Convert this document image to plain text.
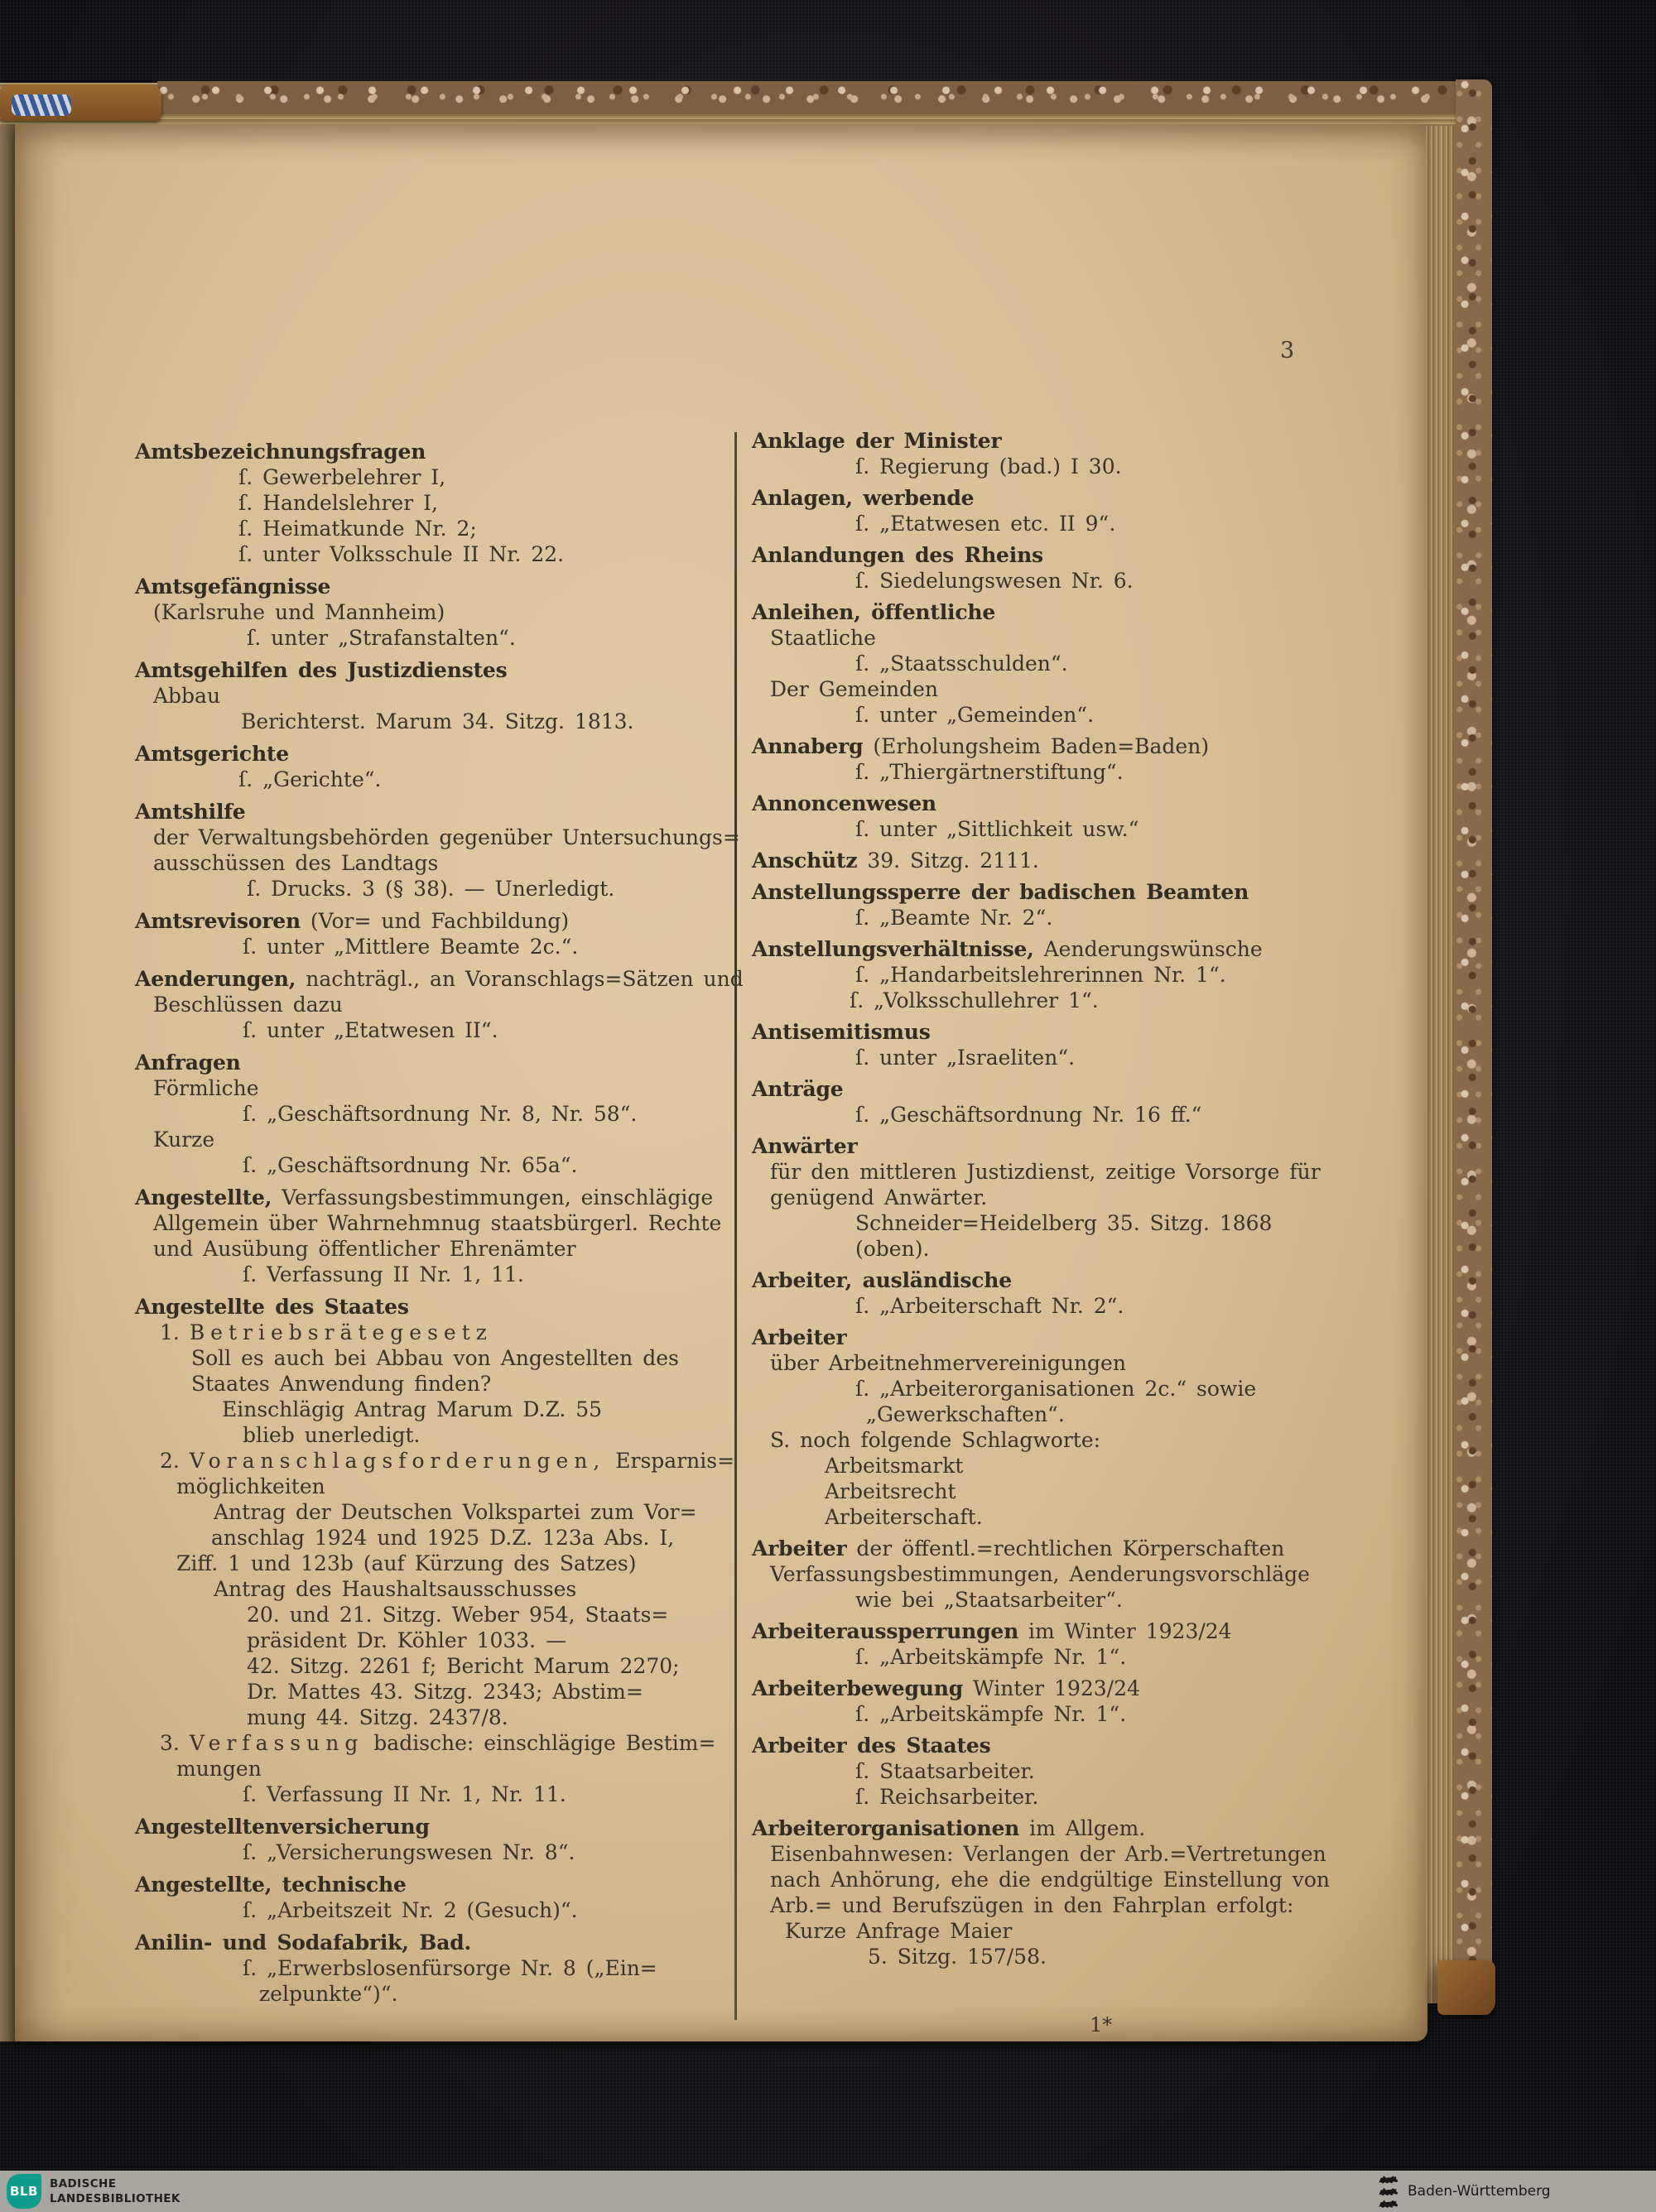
3
Amtsbezeichnungsfragen
ſ. Gewerbelehrer I,
ſ. Handelslehrer I,
ſ. Heimatkunde Nr. 2;
ſ. unter Volksschule II Nr. 22.
Amtsgefängnisse
(Karlsruhe und Mannheim)
ſ. unter „Strafanstalten“.
Amtsgehilfen des Justizdienstes
Abbau
Berichterst. Marum 34. Sitzg. 1813.
Amtsgerichte
ſ. „Gerichte“.
Amtshilfe
der Verwaltungsbehörden gegenüber Untersuchungs=
ausschüssen des Landtags
ſ. Drucks. 3 (§ 38). — Unerledigt.
Amtsrevisoren (Vor= und Fachbildung)
ſ. unter „Mittlere Beamte 2c.“.
Aenderungen, nachträgl., an Voranschlags=Sätzen und
Beschlüssen dazu
ſ. unter „Etatwesen II“.
Anfragen
Förmliche
ſ. „Geschäftsordnung Nr. 8, Nr. 58“.
Kurze
ſ. „Geschäftsordnung Nr. 65a“.
Angestellte, Verfassungsbestimmungen, einschlägige
Allgemein über Wahrnehmnug staatsbürgerl. Rechte
und Ausübung öffentlicher Ehrenämter
ſ. Verfassung II Nr. 1, 11.
Angestellte des Staates
1. Betriebsrätegesetz
Soll es auch bei Abbau von Angestellten des
Staates Anwendung finden?
Einschlägig Antrag Marum D.Z. 55
blieb unerledigt.
2. Voranschlagsforderungen, Ersparnis=
möglichkeiten
Antrag der Deutschen Volkspartei zum Vor=
anschlag 1924 und 1925 D.Z. 123a Abs. I,
Ziff. 1 und 123b (auf Kürzung des Satzes)
Antrag des Haushaltsausschusses
20. und 21. Sitzg. Weber 954, Staats=
präsident Dr. Köhler 1033. —
42. Sitzg. 2261 f; Bericht Marum 2270;
Dr. Mattes 43. Sitzg. 2343; Abstim=
mung 44. Sitzg. 2437/8.
3. Verfassung badische: einschlägige Bestim=
mungen
ſ. Verfassung II Nr. 1, Nr. 11.
Angestelltenversicherung
ſ. „Versicherungswesen Nr. 8“.
Angestellte, technische
ſ. „Arbeitszeit Nr. 2 (Gesuch)“.
Anilin- und Sodafabrik, Bad.
ſ. „Erwerbslosenfürsorge Nr. 8 („Ein=
zelpunkte“)“.
Anklage der Minister
ſ. Regierung (bad.) I 30.
Anlagen, werbende
ſ. „Etatwesen etc. II 9“.
Anlandungen des Rheins
ſ. Siedelungswesen Nr. 6.
Anleihen, öffentliche
Staatliche
ſ. „Staatsschulden“.
Der Gemeinden
ſ. unter „Gemeinden“.
Annaberg (Erholungsheim Baden=Baden)
ſ. „Thiergärtnerstiftung“.
Annoncenwesen
ſ. unter „Sittlichkeit usw.“
Anschütz 39. Sitzg. 2111.
Anstellungssperre der badischen Beamten
ſ. „Beamte Nr. 2“.
Anstellungsverhältnisse, Aenderungswünsche
ſ. „Handarbeitslehrerinnen Nr. 1“.
ſ. „Volksschullehrer 1“.
Antisemitismus
ſ. unter „Israeliten“.
Anträge
ſ. „Geschäftsordnung Nr. 16 ff.“
Anwärter
für den mittleren Justizdienst, zeitige Vorsorge für
genügend Anwärter.
Schneider=Heidelberg 35. Sitzg. 1868
(oben).
Arbeiter, ausländische
ſ. „Arbeiterschaft Nr. 2“.
Arbeiter
über Arbeitnehmervereinigungen
ſ. „Arbeiterorganisationen 2c.“ sowie
„Gewerkschaften“.
S. noch folgende Schlagworte:
Arbeitsmarkt
Arbeitsrecht
Arbeiterschaft.
Arbeiter der öffentl.=rechtlichen Körperschaften
Verfassungsbestimmungen, Aenderungsvorschläge
wie bei „Staatsarbeiter“.
Arbeiteraussperrungen im Winter 1923/24
ſ. „Arbeitskämpfe Nr. 1“.
Arbeiterbewegung Winter 1923/24
ſ. „Arbeitskämpfe Nr. 1“.
Arbeiter des Staates
ſ. Staatsarbeiter.
ſ. Reichsarbeiter.
Arbeiterorganisationen im Allgem.
Eisenbahnwesen: Verlangen der Arb.=Vertretungen
nach Anhörung, ehe die endgültige Einstellung von
Arb.= und Berufszügen in den Fahrplan erfolgt:
Kurze Anfrage Maier
5. Sitzg. 157/58.
1*
BLB BADISCHE
LANDESBIBLIOTHEK	Baden-Württemberg
